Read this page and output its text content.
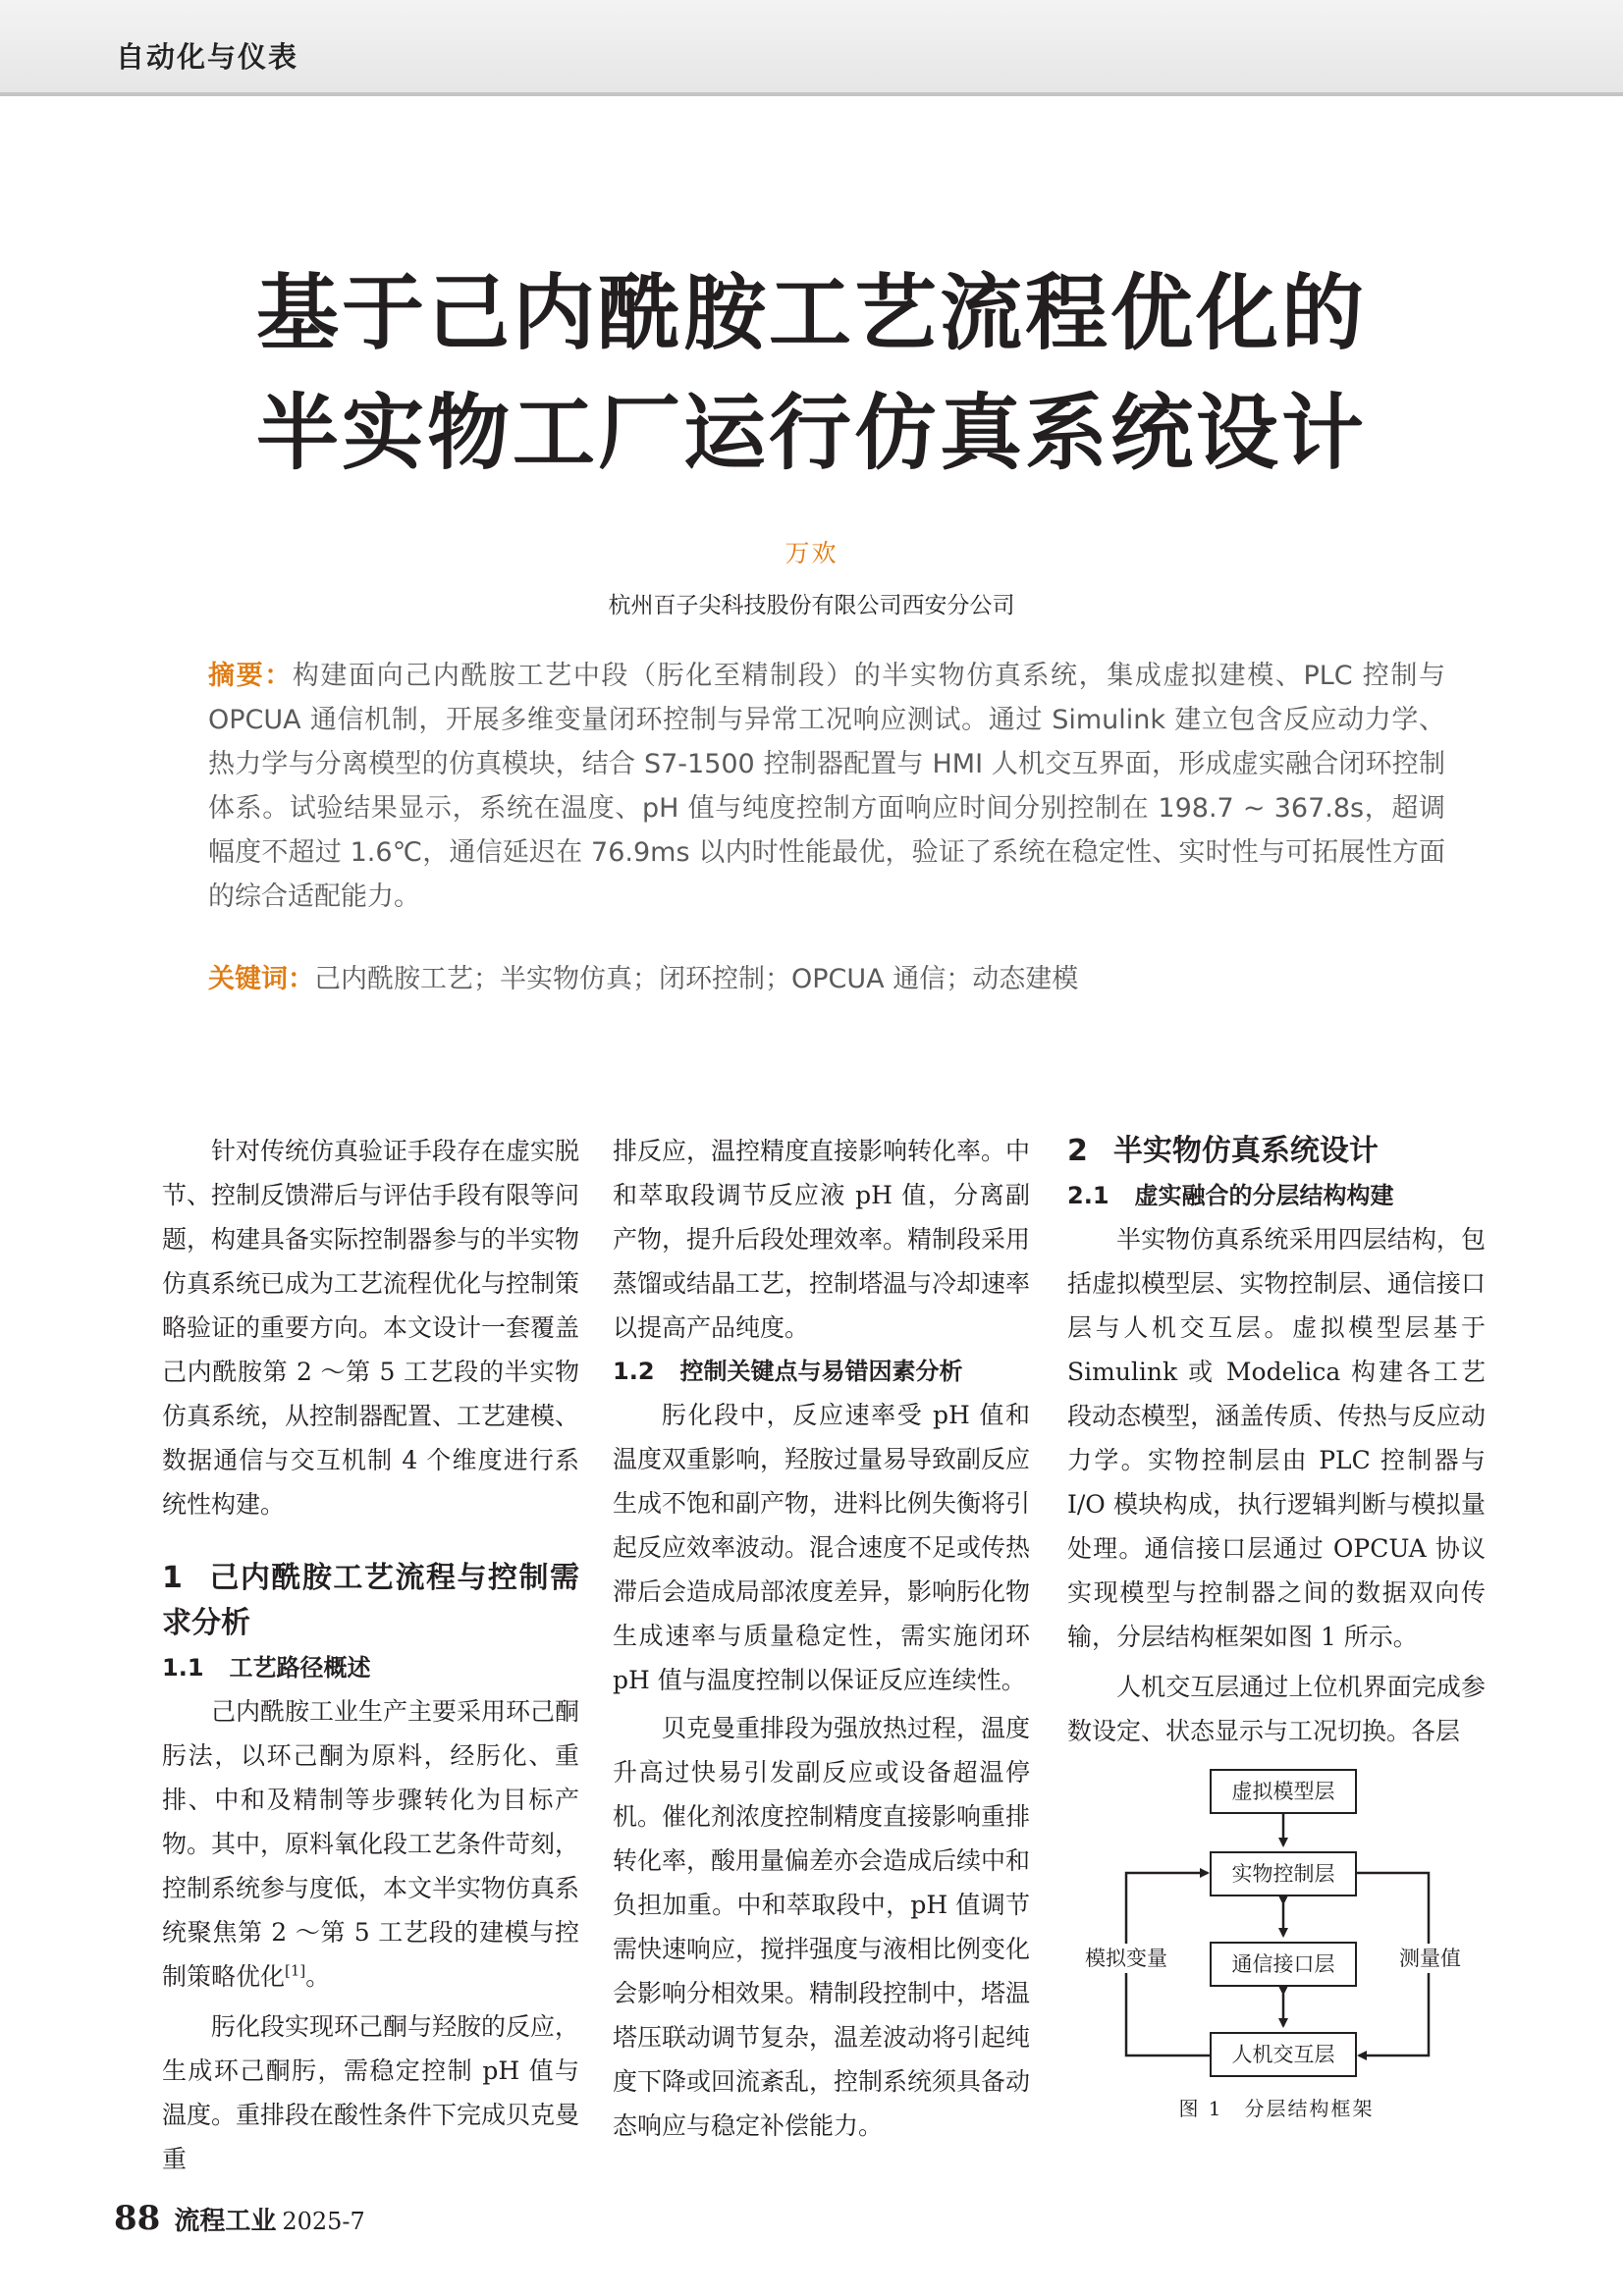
自动化与仪表
基于己内酰胺工艺流程优化的
半实物工厂运行仿真系统设计
万欢
杭州百子尖科技股份有限公司西安分公司

摘要：构建面向己内酰胺工艺中段（肟化至精制段）的半实物仿真系统，集成虚拟建模、PLC 控制与 OPCUA 通信机制，开展多维变量闭环控制与异常工况响应测试。通过 Simulink 建立包含反应动力学、热力学与分离模型的仿真模块，结合 S7-1500 控制器配置与 HMI 人机交互界面，形成虚实融合闭环控制体系。试验结果显示，系统在温度、pH 值与纯度控制方面响应时间分别控制在 198.7 ~ 367.8s，超调幅度不超过 1.6℃，通信延迟在 76.9ms 以内时性能最优，验证了系统在稳定性、实时性与可拓展性方面的综合适配能力。

关键词：己内酰胺工艺；半实物仿真；闭环控制；OPCUA 通信；动态建模

针对传统仿真验证手段存在虚实脱节、控制反馈滞后与评估手段有限等问题，构建具备实际控制器参与的半实物仿真系统已成为工艺流程优化与控制策略验证的重要方向。本文设计一套覆盖己内酰胺第 2 ～第 5 工艺段的半实物仿真系统，从控制器配置、工艺建模、数据通信与交互机制 4 个维度进行系统性构建。

1 己内酰胺工艺流程与控制需求分析
1.1 工艺路径概述

己内酰胺工业生产主要采用环己酮肟法，以环己酮为原料，经肟化、重排、中和及精制等步骤转化为目标产物。其中，原料氧化段工艺条件苛刻，控制系统参与度低，本文半实物仿真系统聚焦第 2 ～第 5 工艺段的建模与控制策略优化[1]。

肟化段实现环己酮与羟胺的反应，生成环己酮肟，需稳定控制 pH 值与温度。重排段在酸性条件下完成贝克曼重

排反应，温控精度直接影响转化率。中和萃取段调节反应液 pH 值，分离副产物，提升后段处理效率。精制段采用蒸馏或结晶工艺，控制塔温与冷却速率以提高产品纯度。

1.2 控制关键点与易错因素分析

肟化段中，反应速率受 pH 值和温度双重影响，羟胺过量易导致副反应生成不饱和副产物，进料比例失衡将引起反应效率波动。混合速度不足或传热滞后会造成局部浓度差异，影响肟化物生成速率与质量稳定性，需实施闭环 pH 值与温度控制以保证反应连续性。

贝克曼重排段为强放热过程，温度升高过快易引发副反应或设备超温停机。催化剂浓度控制精度直接影响重排转化率，酸用量偏差亦会造成后续中和负担加重。中和萃取段中，pH 值调节需快速响应，搅拌强度与液相比例变化会影响分相效果。精制段控制中，塔温塔压联动调节复杂，温差波动将引起纯度下降或回流紊乱，控制系统须具备动态响应与稳定补偿能力。

2 半实物仿真系统设计
2.1 虚实融合的分层结构构建

半实物仿真系统采用四层结构，包括虚拟模型层、实物控制层、通信接口层与人机交互层。虚拟模型层基于 Simulink 或 Modelica 构建各工艺段动态模型，涵盖传质、传热与反应动力学。实物控制层由 PLC 控制器与 I/O 模块构成，执行逻辑判断与模拟量处理。通信接口层通过 OPCUA 协议实现模型与控制器之间的数据双向传输，分层结构框架如图 1 所示。

人机交互层通过上位机界面完成参数设定、状态显示与工况切换。各层

虚拟模型层
实物控制层
通信接口层
人机交互层
模拟变量	测量值
图 1　分层结构框架
88 流程工业 2025-7
